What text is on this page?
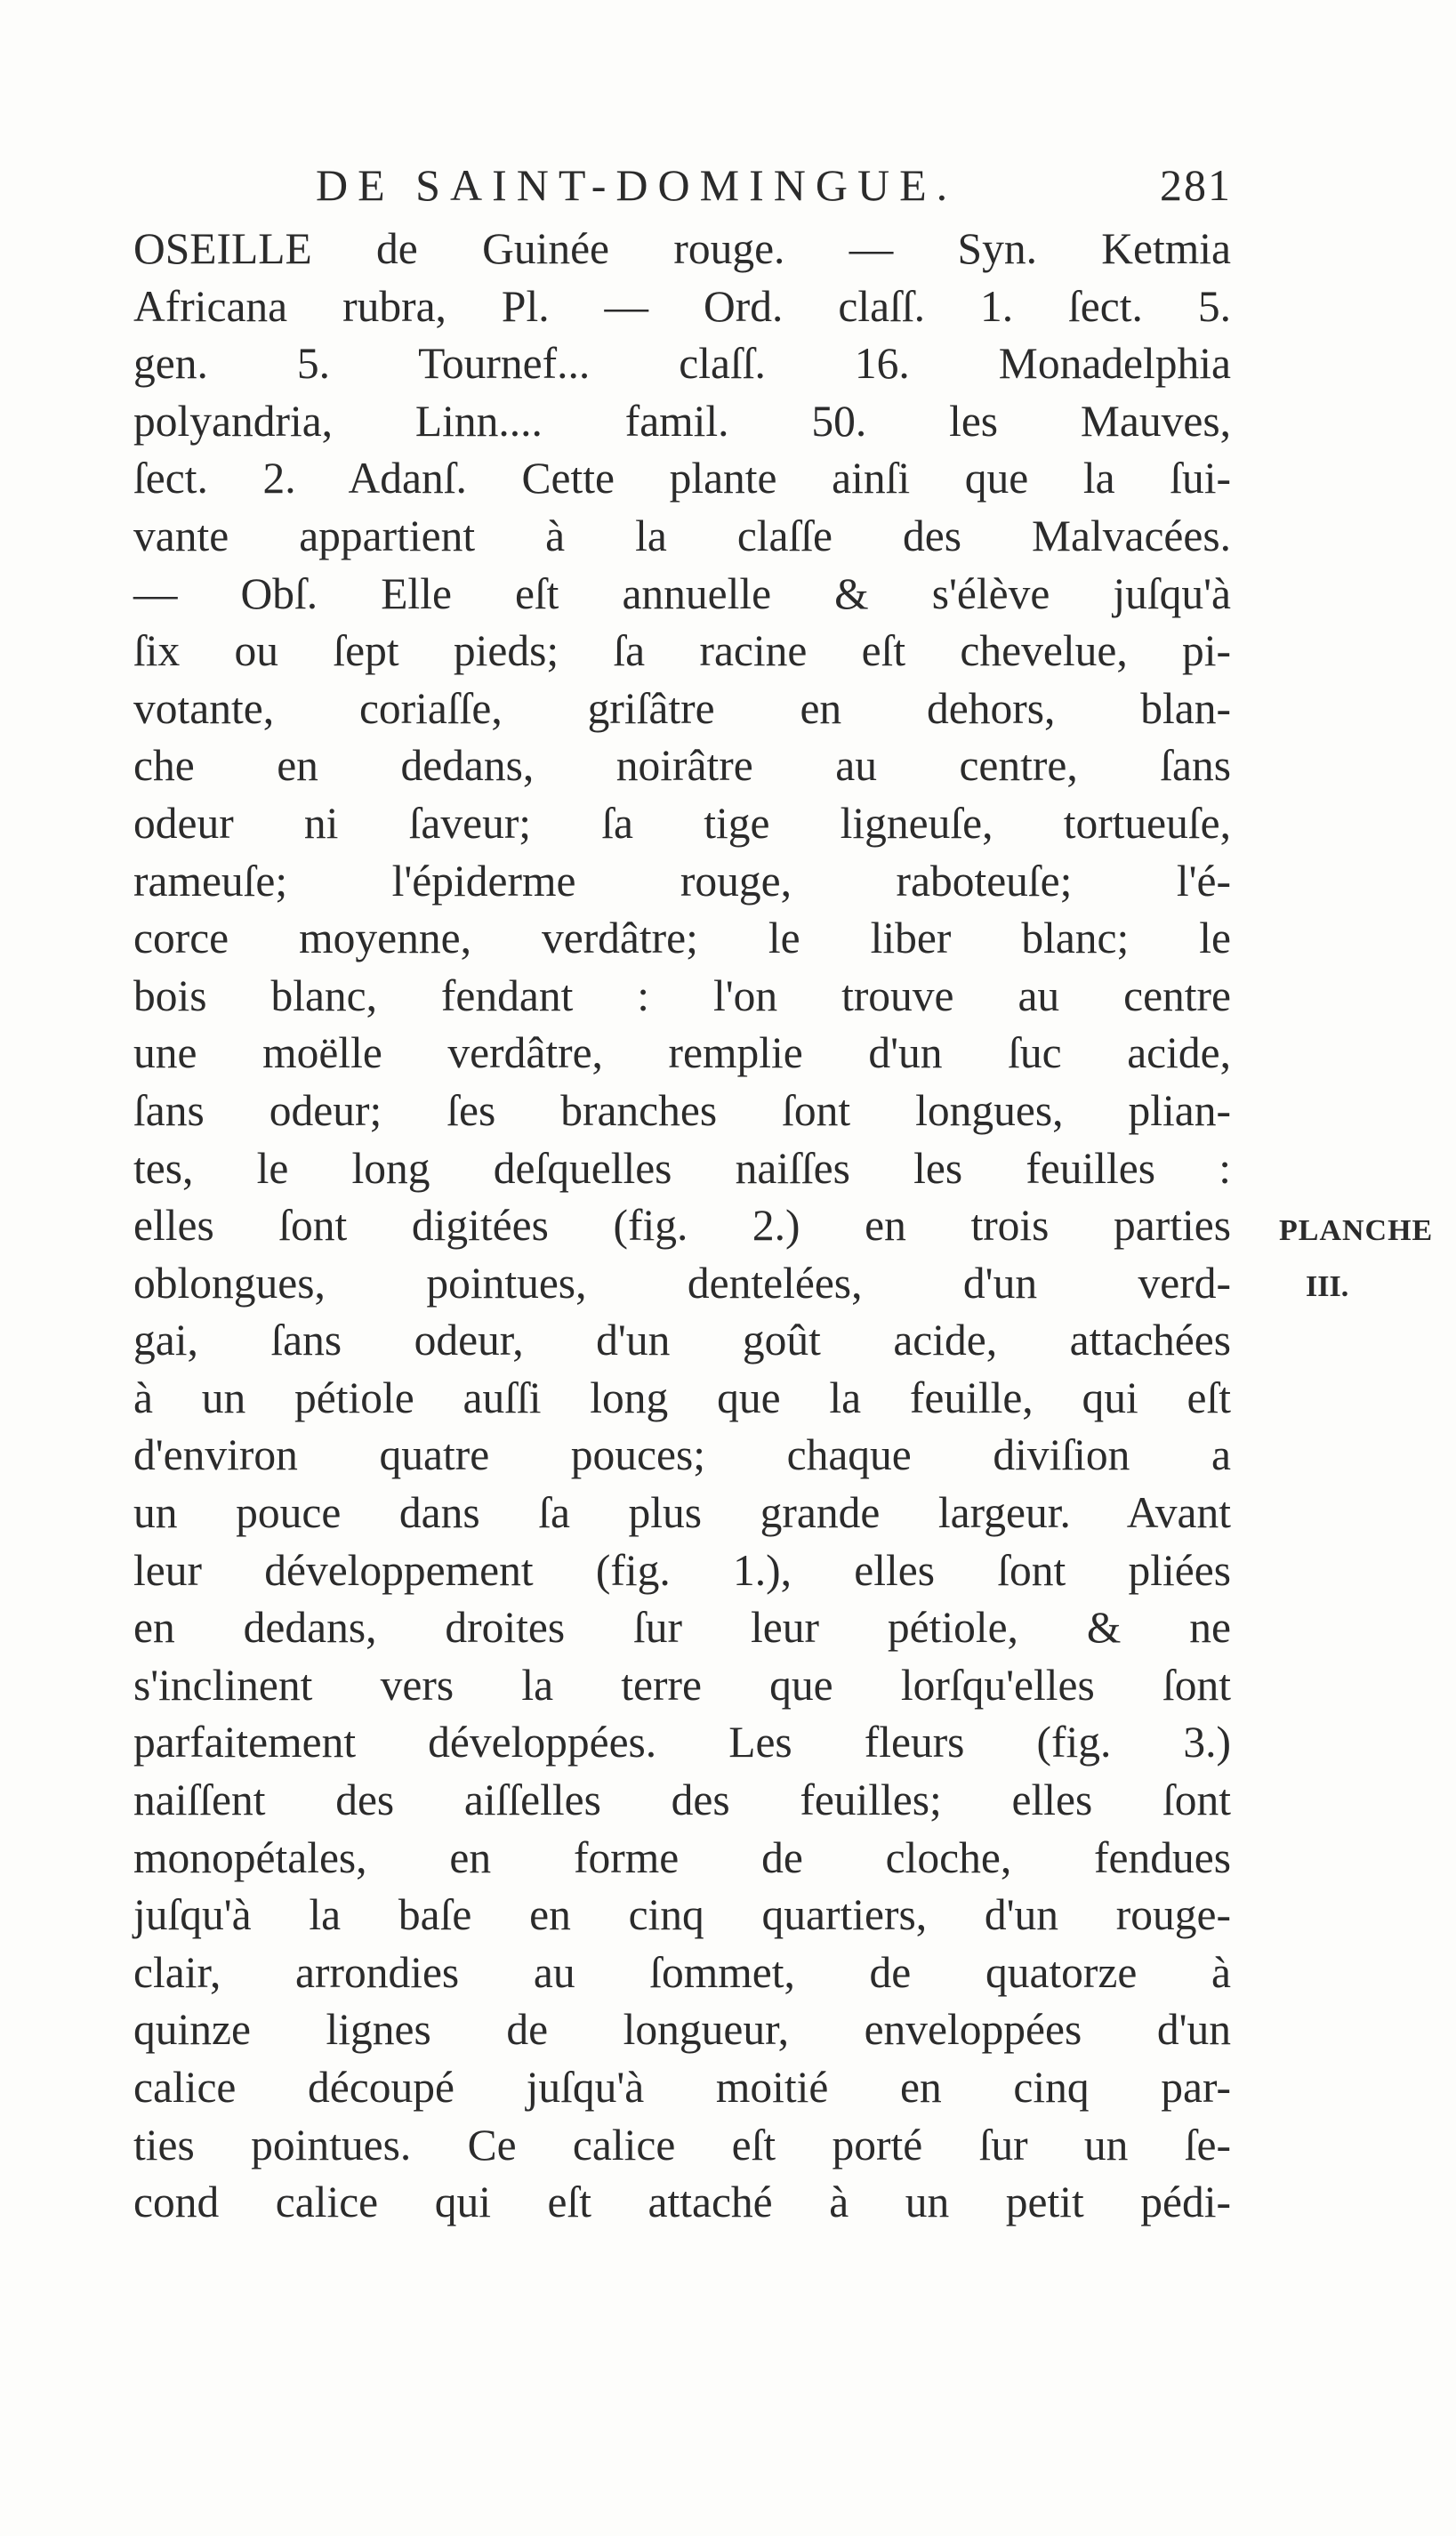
DE SAINT-DOMINGUE.	281
OSEILLE de Guinée rouge. — Syn. Ketmia
Africana rubra, Pl. — Ord. claſſ. 1. ſect. 5.
gen. 5. Tournef... claſſ. 16. Monadelphia
polyandria, Linn.... famil. 50. les Mauves,
ſect. 2. Adanſ. Cette plante ainſi que la ſui-
vante appartient à la claſſe des Malvacées.
— Obſ. Elle eſt annuelle & s'élève juſqu'à
ſix ou ſept pieds; ſa racine eſt chevelue, pi-
votante, coriaſſe, griſâtre en dehors, blan-
che en dedans, noirâtre au centre, ſans
odeur ni ſaveur; ſa tige ligneuſe, tortueuſe,
rameuſe; l'épiderme rouge, raboteuſe; l'é-
corce moyenne, verdâtre; le liber blanc; le
bois blanc, fendant : l'on trouve au centre
une moëlle verdâtre, remplie d'un ſuc acide,
ſans odeur; ſes branches ſont longues, plian-
tes, le long deſquelles naiſſes les feuilles :
elles ſont digitées (fig. 2.) en trois parties
oblongues, pointues, dentelées, d'un verd-
gai, ſans odeur, d'un goût acide, attachées
à un pétiole auſſi long que la feuille, qui eſt
d'environ quatre pouces; chaque diviſion a
un pouce dans ſa plus grande largeur. Avant
leur développement (fig. 1.), elles ſont pliées
en dedans, droites ſur leur pétiole, & ne
s'inclinent vers la terre que lorſqu'elles ſont
parfaitement développées. Les fleurs (fig. 3.)
naiſſent des aiſſelles des feuilles; elles ſont
monopétales, en forme de cloche, fendues
juſqu'à la baſe en cinq quartiers, d'un rouge-
clair, arrondies au ſommet, de quatorze à
quinze lignes de longueur, enveloppées d'un
calice découpé juſqu'à moitié en cinq par-
ties pointues. Ce calice eſt porté ſur un ſe-
cond calice qui eſt attaché à un petit pédi-
PLANCHE
III.
